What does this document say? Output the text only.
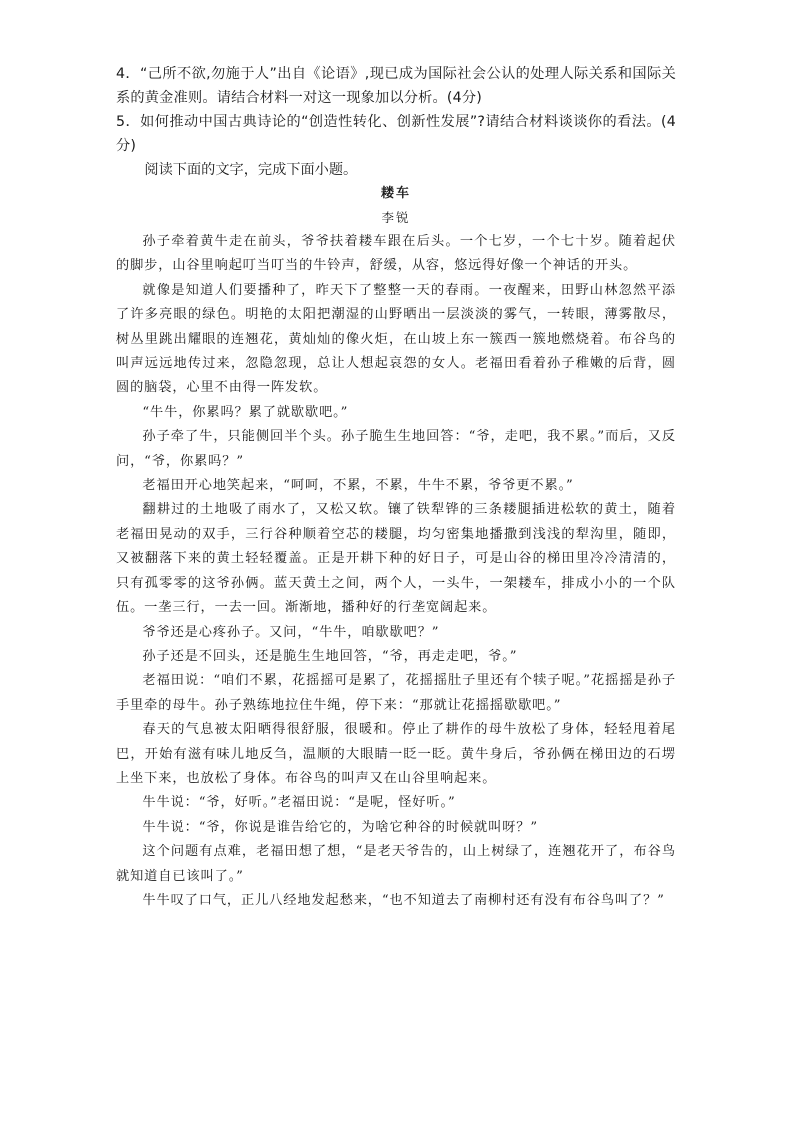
4．“己所不欲,勿施于人”出自《论语》,现已成为国际社会公认的处理人际关系和国际关系的黄金准则。请结合材料一对这一现象加以分析。(4分)

5．如何推动中国古典诗论的“创造性转化、创新性发展”?请结合材料谈谈你的看法。(4分)

阅读下面的文字，完成下面小题。

耧车

李锐

孙子牵着黄牛走在前头，爷爷扶着耧车跟在后头。一个七岁，一个七十岁。随着起伏的脚步，山谷里响起叮当叮当的牛铃声，舒缓，从容，悠远得好像一个神话的开头。

就像是知道人们要播种了，昨天下了整整一天的春雨。一夜醒来，田野山林忽然平添了许多亮眼的绿色。明艳的太阳把潮湿的山野晒出一层淡淡的雾气，一转眼，薄雾散尽，树丛里跳出耀眼的连翘花，黄灿灿的像火炬，在山坡上东一簇西一簇地燃烧着。布谷鸟的叫声远远地传过来，忽隐忽现，总让人想起哀怨的女人。老福田看着孙子稚嫩的后背，圆圆的脑袋，心里不由得一阵发软。

“牛牛，你累吗？累了就歇歇吧。”

孙子牵了牛，只能侧回半个头。孙子脆生生地回答：“爷，走吧，我不累。”而后，又反问，“爷，你累吗？”

老福田开心地笑起来，“呵呵，不累，不累，牛牛不累，爷爷更不累。”

翻耕过的土地吸了雨水了，又松又软。镶了铁犁铧的三条耧腿插进松软的黄土，随着老福田晃动的双手，三行谷种顺着空芯的耧腿，均匀密集地播撒到浅浅的犁沟里，随即，又被翻落下来的黄土轻轻覆盖。正是开耕下种的好日子，可是山谷的梯田里冷冷清清的，只有孤零零的这爷孙俩。蓝天黄土之间，两个人，一头牛，一架耧车，排成小小的一个队伍。一垄三行，一去一回。渐渐地，播种好的行垄宽阔起来。

爷爷还是心疼孙子。又问，“牛牛，咱歇歇吧？”

孙子还是不回头，还是脆生生地回答，“爷，再走走吧，爷。”

老福田说：“咱们不累，花摇摇可是累了，花摇摇肚子里还有个犊子呢。”花摇摇是孙子手里牵的母牛。孙子熟练地拉住牛绳，停下来：“那就让花摇摇歇歇吧。”

春天的气息被太阳晒得很舒服，很暖和。停止了耕作的母牛放松了身体，轻轻甩着尾巴，开始有滋有味儿地反刍，温顺的大眼睛一眨一眨。黄牛身后，爷孙俩在梯田边的石塄上坐下来，也放松了身体。布谷鸟的叫声又在山谷里响起来。

牛牛说：“爷，好听。”老福田说：“是呢，怪好听。”

牛牛说：“爷，你说是谁告给它的，为啥它种谷的时候就叫呀？”

这个问题有点难，老福田想了想，“是老天爷告的，山上树绿了，连翘花开了，布谷鸟就知道自已该叫了。”

牛牛叹了口气，正儿八经地发起愁来，“也不知道去了南柳村还有没有布谷鸟叫了？”
